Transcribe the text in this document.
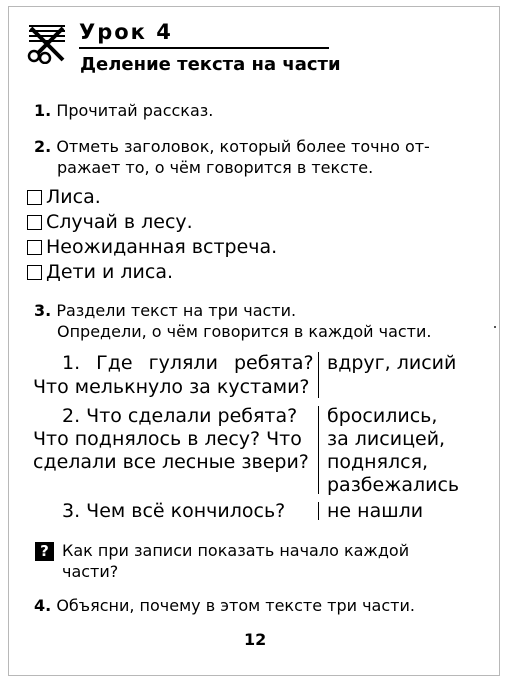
Урок 4
Деление текста на части
1. Прочитай рассказ.
2. Отметь заголовок, который более точно от-
ражает то, о чём говорится в тексте.
Лиса.
Случай в лесу.
Неожиданная встреча.
Дети и лиса.
3. Раздели текст на три части.
Определи, о чём говорится в каждой части.
1. Где гуляли ребята?
Что мелькнуло за кустами?
2. Что сделали ребята?
Что поднялось в лесу? Что
сделали все лесные звери?
3. Чем всё кончилось?
вдруг, лисий
бросились,
за лисицей,
поднялся,
разбежались
не нашли
? Как при записи показать начало каждой
части?
4. Объясни, почему в этом тексте три части.
12
